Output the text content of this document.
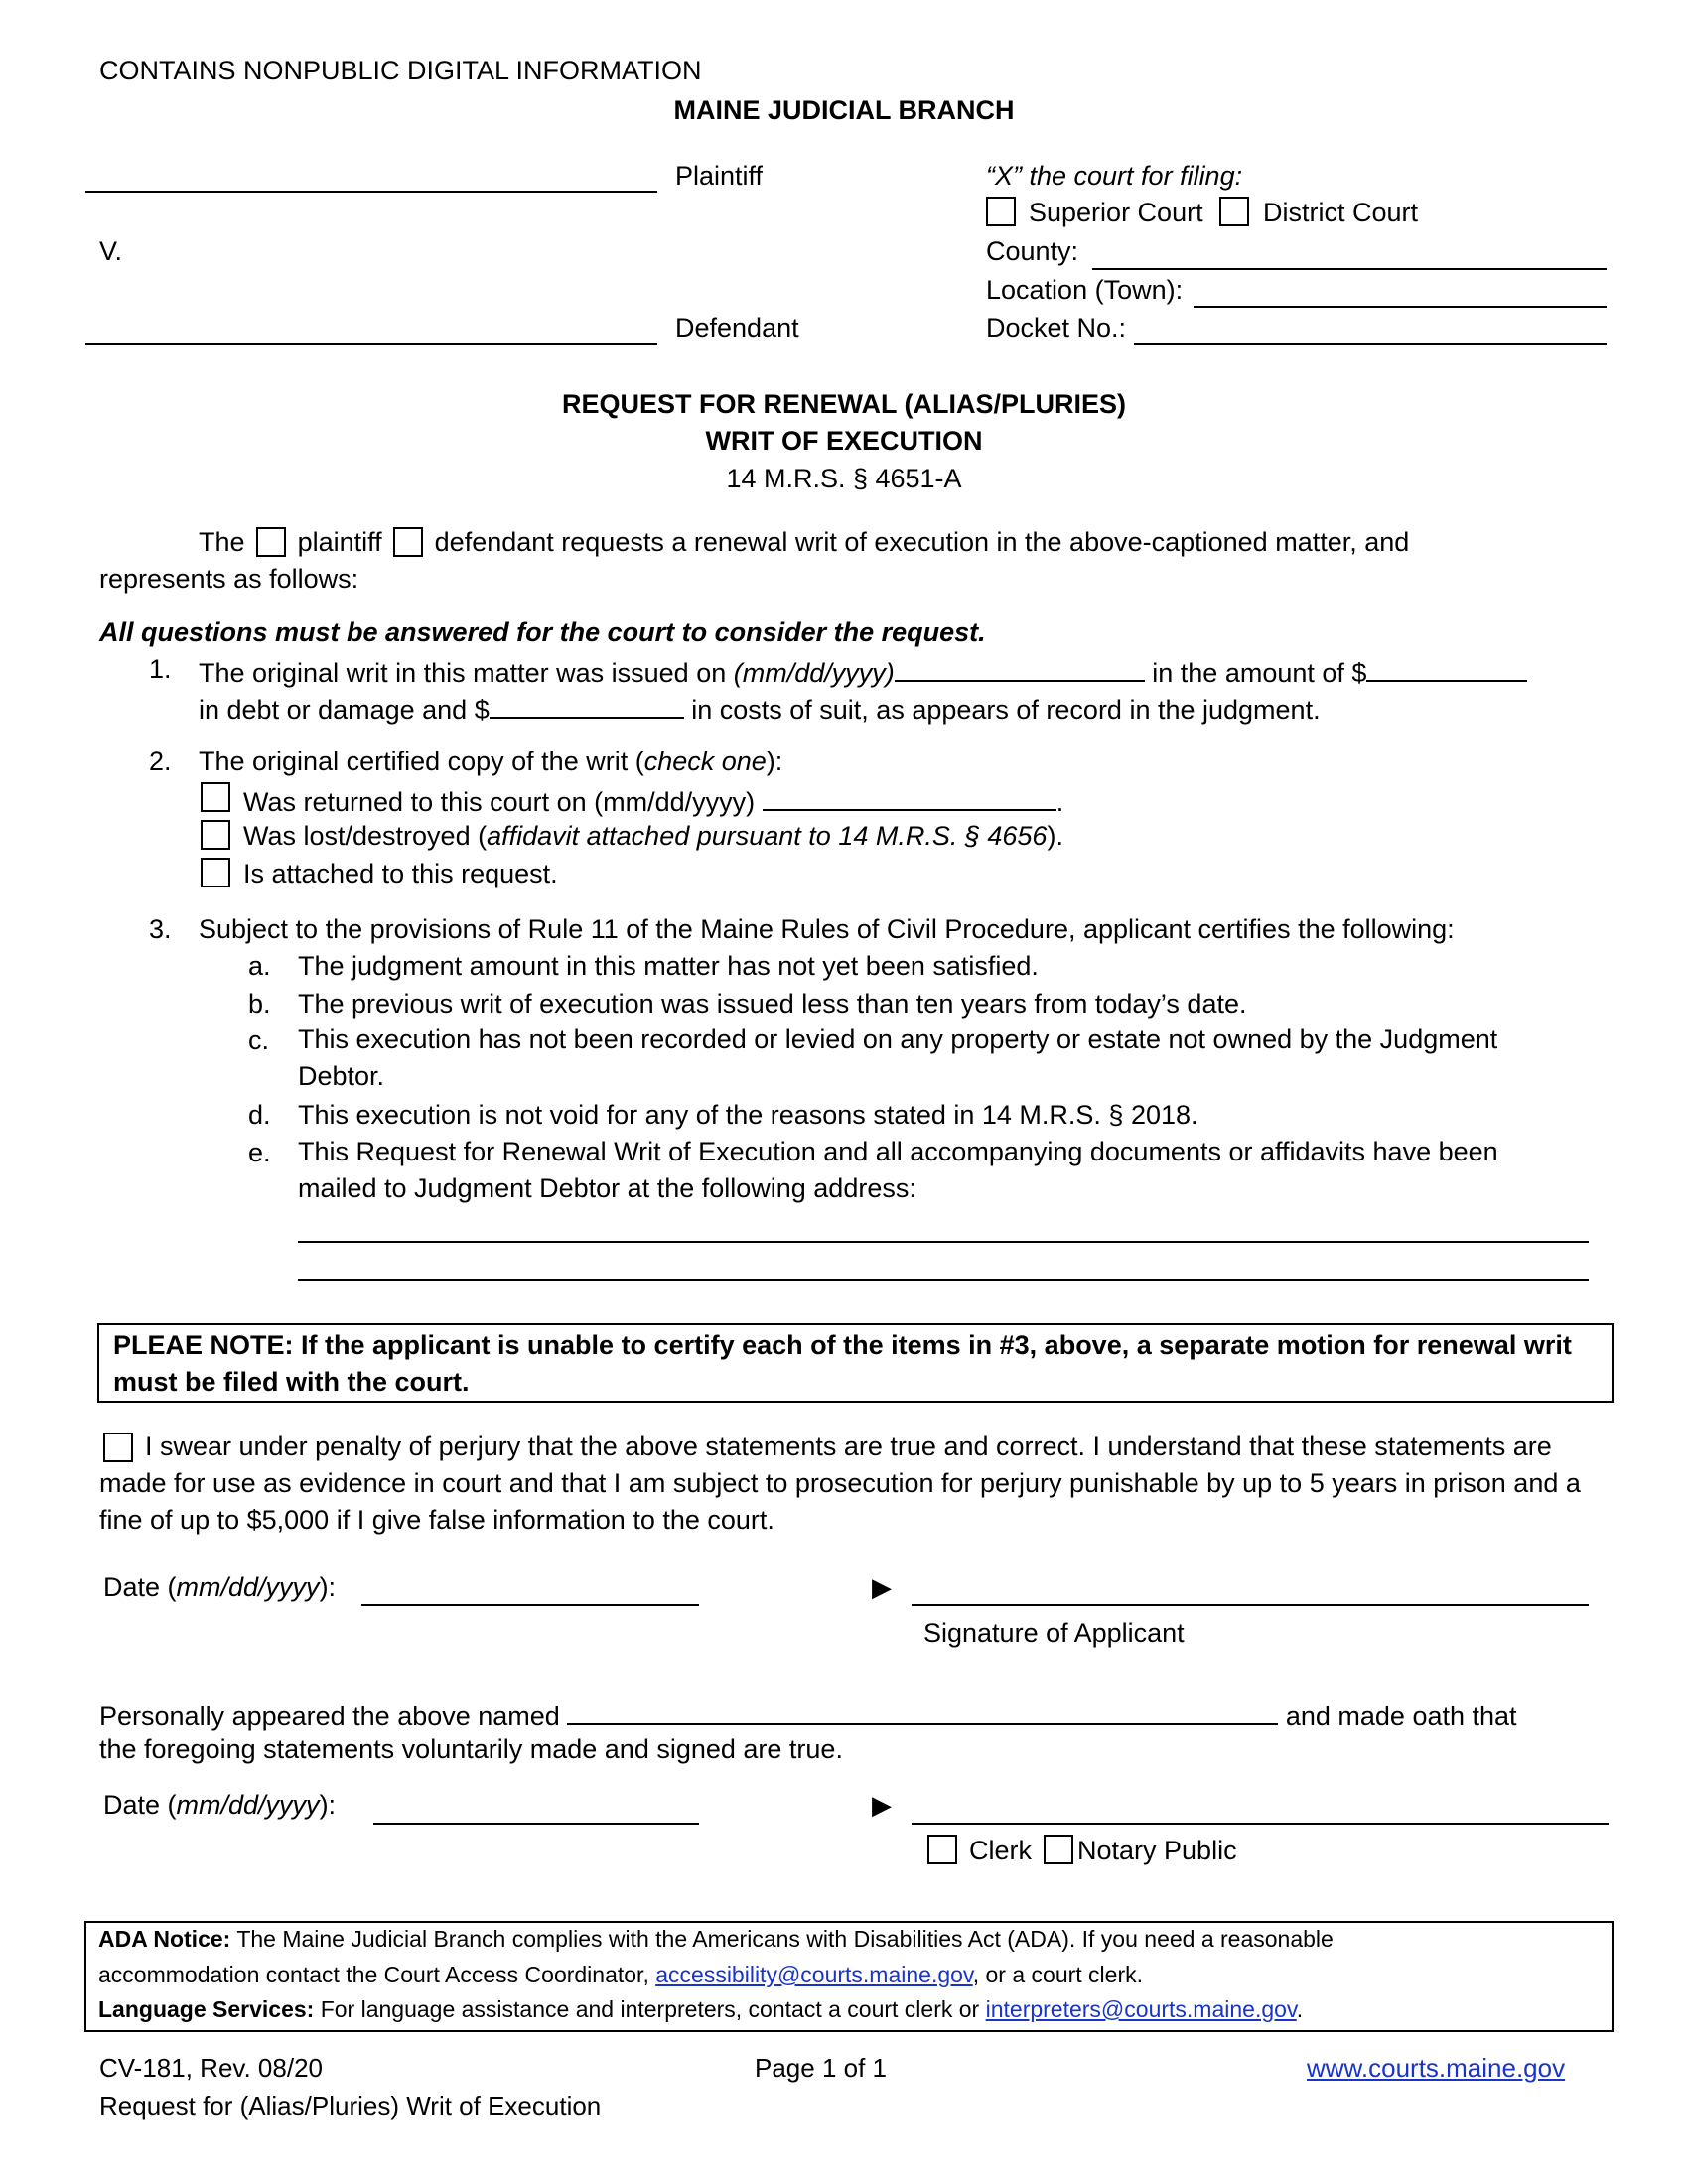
CONTAINS NONPUBLIC DIGITAL INFORMATION
MAINE JUDICIAL BRANCH
Plaintiff
V.
Defendant
“X” the court for filing:
Superior Court District Court
County:
Location (Town):
Docket No.:
REQUEST FOR RENEWAL (ALIAS/PLURIES)
WRIT OF EXECUTION
14 M.R.S. § 4651-A
The plaintiff defendant requests a renewal writ of execution in the above-captioned matter, and
represents as follows:
All questions must be answered for the court to consider the request.
1. The original writ in this matter was issued on (mm/dd/yyyy)	in the amount of $
in debt or damage and $	in costs of suit, as appears of record in the judgment.
2. The original certified copy of the writ (check one):
Was returned to this court on (mm/dd/yyyy)	.
Was lost/destroyed (affidavit attached pursuant to 14 M.R.S. § 4656).
Is attached to this request.
3. Subject to the provisions of Rule 11 of the Maine Rules of Civil Procedure, applicant certifies the following:
a. The judgment amount in this matter has not yet been satisfied.
b. The previous writ of execution was issued less than ten years from today’s date.
c. This execution has not been recorded or levied on any property or estate not owned by the Judgment Debtor.
d. This execution is not void for any of the reasons stated in 14 M.R.S. § 2018.
e. This Request for Renewal Writ of Execution and all accompanying documents or affidavits have been mailed to Judgment Debtor at the following address:
PLEAE NOTE: If the applicant is unable to certify each of the items in #3, above, a separate motion for renewal writ must be filed with the court.
I swear under penalty of perjury that the above statements are true and correct. I understand that these statements are made for use as evidence in court and that I am subject to prosecution for perjury punishable by up to 5 years in prison and a fine of up to $5,000 if I give false information to the court.
Date (mm/dd/yyyy):	▶
Signature of Applicant
Personally appeared the above named	and made oath that
the foregoing statements voluntarily made and signed are true.
Date (mm/dd/yyyy):	▶
Clerk Notary Public
ADA Notice: The Maine Judicial Branch complies with the Americans with Disabilities Act (ADA). If you need a reasonable
accommodation contact the Court Access Coordinator, accessibility@courts.maine.gov, or a court clerk.
Language Services: For language assistance and interpreters, contact a court clerk or interpreters@courts.maine.gov.
CV-181, Rev. 08/20
Request for (Alias/Pluries) Writ of Execution
Page 1 of 1	www.courts.maine.gov
